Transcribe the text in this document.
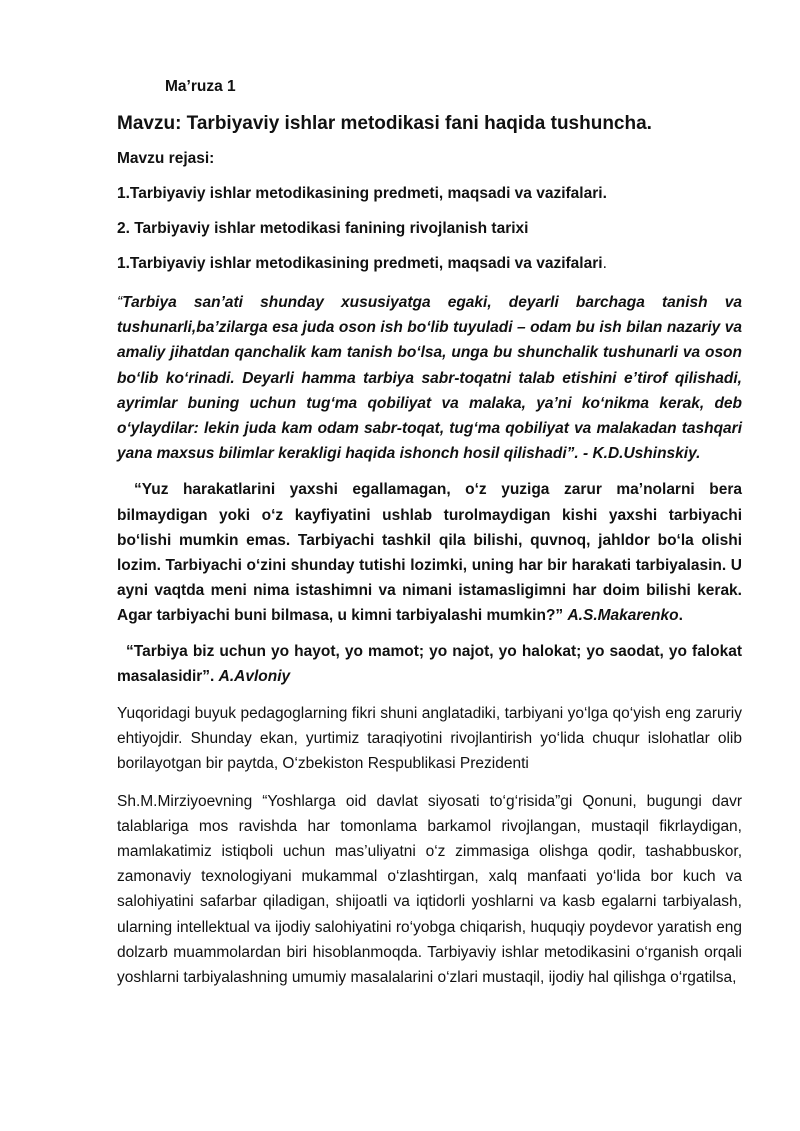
Ma’ruza 1

Mavzu: Tarbiyaviy ishlar metodikasi fani haqida tushuncha.

Mavzu rejasi:

1.Tarbiyaviy ishlar metodikasining predmeti, maqsadi va vazifalari.

2. Tarbiyaviy ishlar metodikasi fanining rivojlanish tarixi

1.Tarbiyaviy ishlar metodikasining predmeti, maqsadi va vazifalari.

“Tarbiya san’ati shunday xususiyatga egaki, deyarli barchaga tanish va tushunarli,ba’zilarga esa juda oson ish bo‘lib tuyuladi – odam bu ish bilan nazariy va amaliy jihatdan qanchalik kam tanish bo‘lsa, unga bu shunchalik tushunarli va oson bo‘lib ko‘rinadi. Deyarli hamma tarbiya sabr-toqatni talab etishini e’tirof qilishadi, ayrimlar buning uchun tug‘ma qobiliyat va malaka, ya’ni ko‘nikma kerak, deb o‘ylaydilar: lekin juda kam odam sabr-toqat, tug‘ma qobiliyat va malakadan tashqari yana maxsus bilimlar kerakligi haqida ishonch hosil qilishadi”. - K.D.Ushinskiy.

“Yuz harakatlarini yaxshi egallamagan, o‘z yuziga zarur ma’nolarni bera bilmaydigan yoki o‘z kayfiyatini ushlab turolmaydigan kishi yaxshi tarbiyachi bo‘lishi mumkin emas. Tarbiyachi tashkil qila bilishi, quvnoq, jahldor bo‘la olishi lozim. Tarbiyachi o‘zini shunday tutishi lozimki, uning har bir harakati tarbiyalasin. U ayni vaqtda meni nima istashimni va nimani istamasligimni har doim bilishi kerak. Agar tarbiyachi buni bilmasa, u kimni tarbiyalashi mumkin?” A.S.Makarenko.

“Tarbiya biz uchun yo hayot, yo mamot; yo najot, yo halokat; yo saodat, yo falokat masalasidir”. A.Avloniy

Yuqoridagi buyuk pedagoglarning fikri shuni anglatadiki, tarbiyani yo‘lga qo‘yish eng zaruriy ehtiyojdir. Shunday ekan, yurtimiz taraqiyotini rivojlantirish yo‘lida chuqur islohatlar olib borilayotgan bir paytda, O‘zbekiston Respublikasi Prezidenti

Sh.M.Mirziyoevning “Yoshlarga oid davlat siyosati to‘g‘risida”gi Qonuni, bugungi davr talablariga mos ravishda har tomonlama barkamol rivojlangan, mustaqil fikrlaydigan, mamlakatimiz istiqboli uchun mas’uliyatni o‘z zimmasiga olishga qodir, tashabbuskor, zamonaviy texnologiyani mukammal o‘zlashtirgan, xalq manfaati yo‘lida bor kuch va salohiyatini safarbar qiladigan, shijoatli va iqtidorli yoshlarni va kasb egalarni tarbiyalash, ularning intellektual va ijodiy salohiyatini ro‘yobga chiqarish, huquqiy poydevor yaratish eng dolzarb muammolardan biri hisoblanmoqda. Tarbiyaviy ishlar metodikasini o‘rganish orqali yoshlarni tarbiyalashning umumiy masalalarini o‘zlari mustaqil, ijodiy hal qilishga o‘rgatilsa,
